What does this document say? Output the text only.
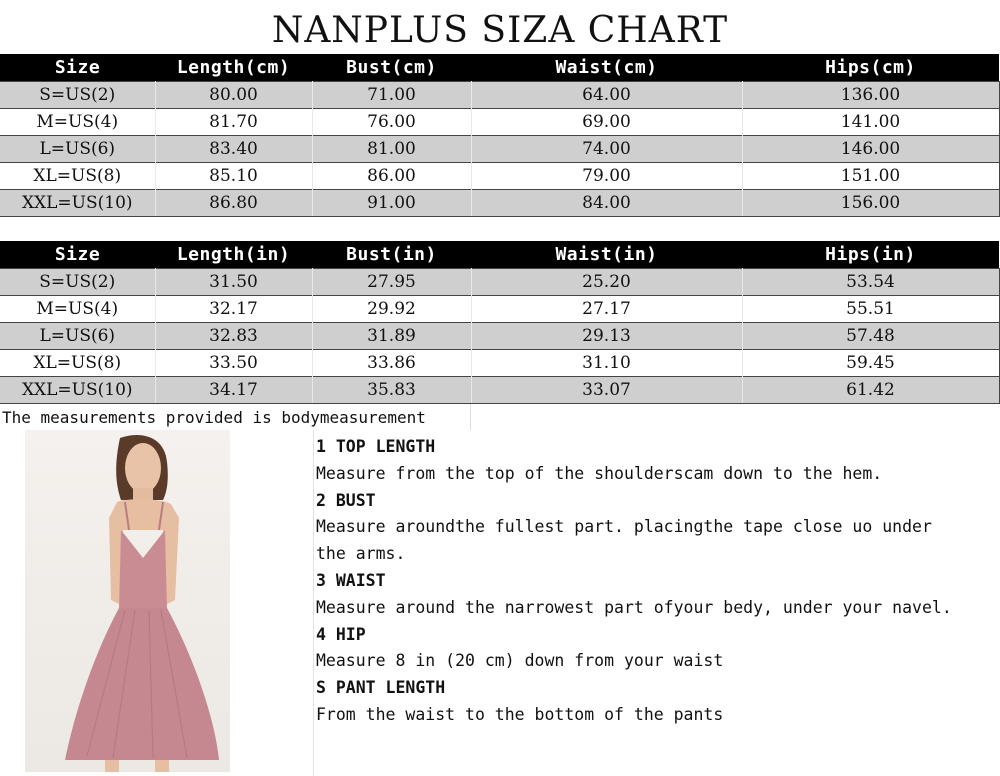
NANPLUS SIZA CHART
Size	Length(cm)	Bust(cm)	Waist(cm)	Hips(cm)
S=US(2)	80.00	71.00	64.00	136.00
M=US(4)	81.70	76.00	69.00	141.00
L=US(6)	83.40	81.00	74.00	146.00
XL=US(8)	85.10	86.00	79.00	151.00
XXL=US(10)	86.80	91.00	84.00	156.00
Size	Length(in)	Bust(in)	Waist(in)	Hips(in)
S=US(2)	31.50	27.95	25.20	53.54
M=US(4)	32.17	29.92	27.17	55.51
L=US(6)	32.83	31.89	29.13	57.48
XL=US(8)	33.50	33.86	31.10	59.45
XXL=US(10)	34.17	35.83	33.07	61.42
The measurements provided is bodymeasurement
1 TOP LENGTH
Measure from the top of the shoulderscam down to the hem.
2 BUST
Measure aroundthe fullest part. placingthe tape close uo under
the arms.
3 WAIST
Measure around the narrowest part ofyour bedy, under your navel.
4 HIP
Measure 8 in (20 cm) down from your waist
S PANT LENGTH
From the waist to the bottom of the pants
